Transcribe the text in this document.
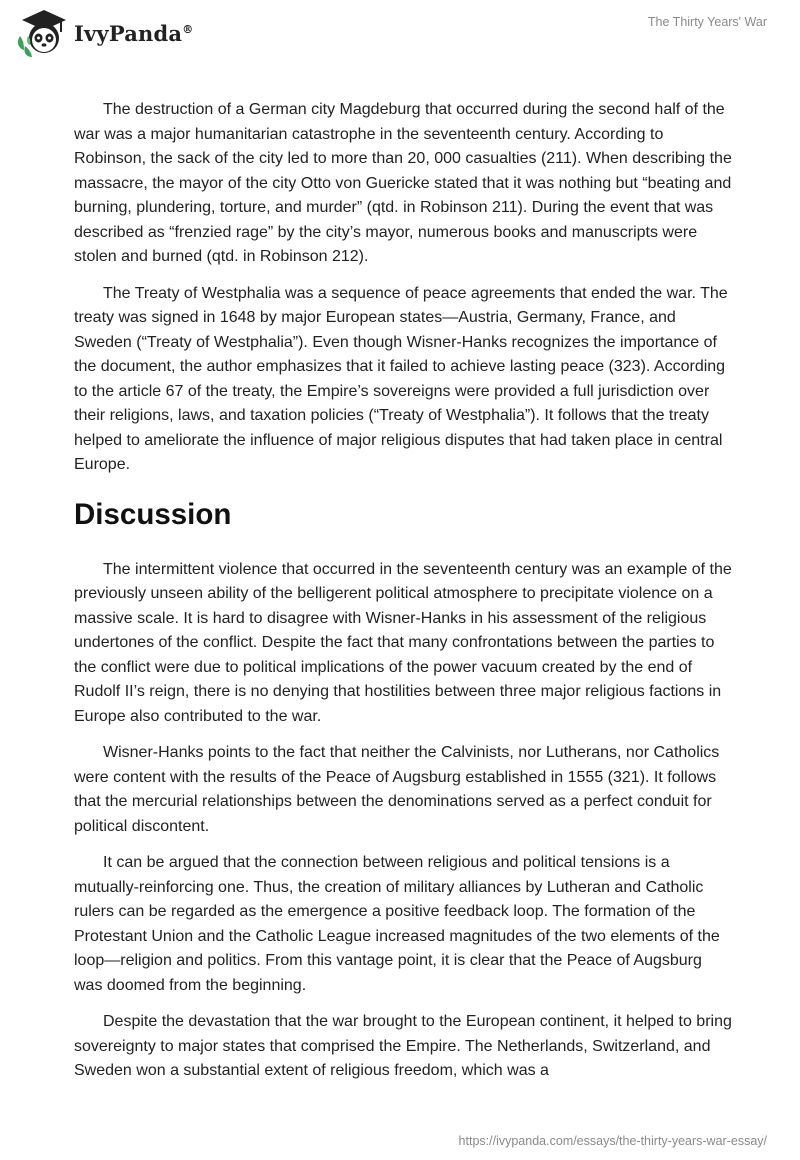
IvyPanda®	The Thirty Years' War

The destruction of a German city Magdeburg that occurred during the second half of the war was a major humanitarian catastrophe in the seventeenth century. According to Robinson, the sack of the city led to more than 20, 000 casualties (211). When describing the massacre, the mayor of the city Otto von Guericke stated that it was nothing but “beating and burning, plundering, torture, and murder” (qtd. in Robinson 211). During the event that was described as “frenzied rage” by the city’s mayor, numerous books and manuscripts were stolen and burned (qtd. in Robinson 212).

The Treaty of Westphalia was a sequence of peace agreements that ended the war. The treaty was signed in 1648 by major European states—Austria, Germany, France, and Sweden (“Treaty of Westphalia”). Even though Wisner-Hanks recognizes the importance of the document, the author emphasizes that it failed to achieve lasting peace (323). According to the article 67 of the treaty, the Empire’s sovereigns were provided a full jurisdiction over their religions, laws, and taxation policies (“Treaty of Westphalia”). It follows that the treaty helped to ameliorate the influence of major religious disputes that had taken place in central Europe.

Discussion

The intermittent violence that occurred in the seventeenth century was an example of the previously unseen ability of the belligerent political atmosphere to precipitate violence on a massive scale. It is hard to disagree with Wisner-Hanks in his assessment of the religious undertones of the conflict. Despite the fact that many confrontations between the parties to the conflict were due to political implications of the power vacuum created by the end of Rudolf II’s reign, there is no denying that hostilities between three major religious factions in Europe also contributed to the war.

Wisner-Hanks points to the fact that neither the Calvinists, nor Lutherans, nor Catholics were content with the results of the Peace of Augsburg established in 1555 (321). It follows that the mercurial relationships between the denominations served as a perfect conduit for political discontent.

It can be argued that the connection between religious and political tensions is a mutually-reinforcing one. Thus, the creation of military alliances by Lutheran and Catholic rulers can be regarded as the emergence a positive feedback loop. The formation of the Protestant Union and the Catholic League increased magnitudes of the two elements of the loop—religion and politics. From this vantage point, it is clear that the Peace of Augsburg was doomed from the beginning.

Despite the devastation that the war brought to the European continent, it helped to bring sovereignty to major states that comprised the Empire. The Netherlands, Switzerland, and Sweden won a substantial extent of religious freedom, which was a

https://ivypanda.com/essays/the-thirty-years-war-essay/
